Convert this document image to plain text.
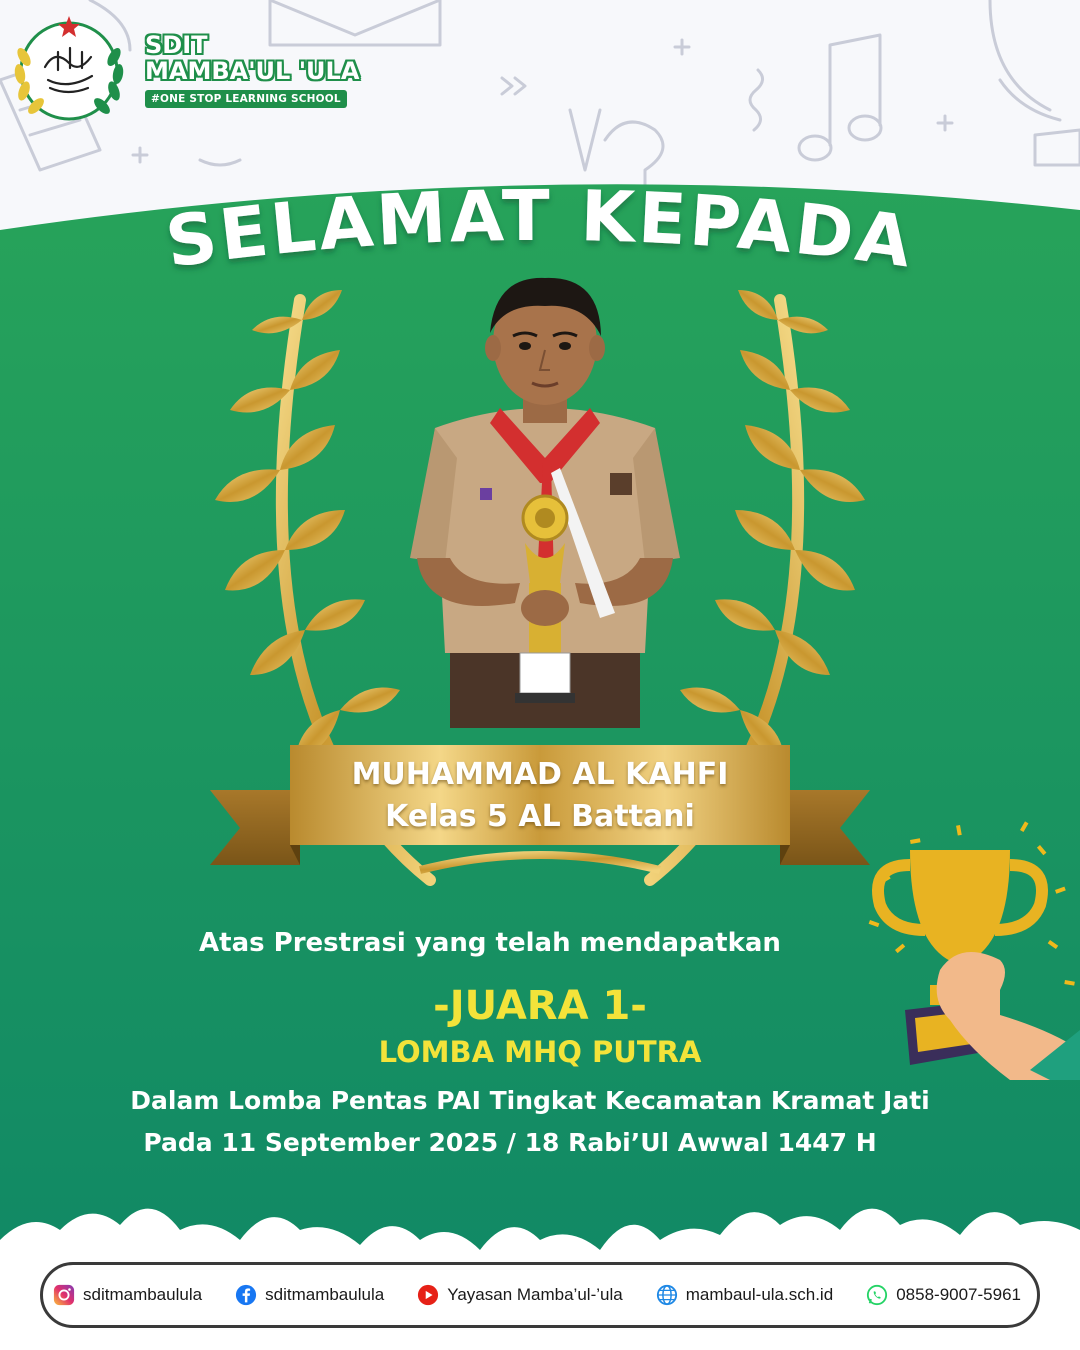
SDIT
MAMBA'UL 'ULA
#ONE STOP LEARNING SCHOOL
SELAMAT KEPADA
MUHAMMAD AL KAHFI
Kelas 5 AL Battani
Atas Prestrasi yang telah mendapatkan
-JUARA 1-
LOMBA MHQ PUTRA
Dalam Lomba Pentas PAI Tingkat Kecamatan Kramat Jati
Pada 11 September 2025 / 18 Rabi’Ul Awwal 1447 H
sditmambaulula	sditmambaulula	Yayasan Mamba’ul-’ula	mambaul-ula.sch.id	0858-9007-5961
